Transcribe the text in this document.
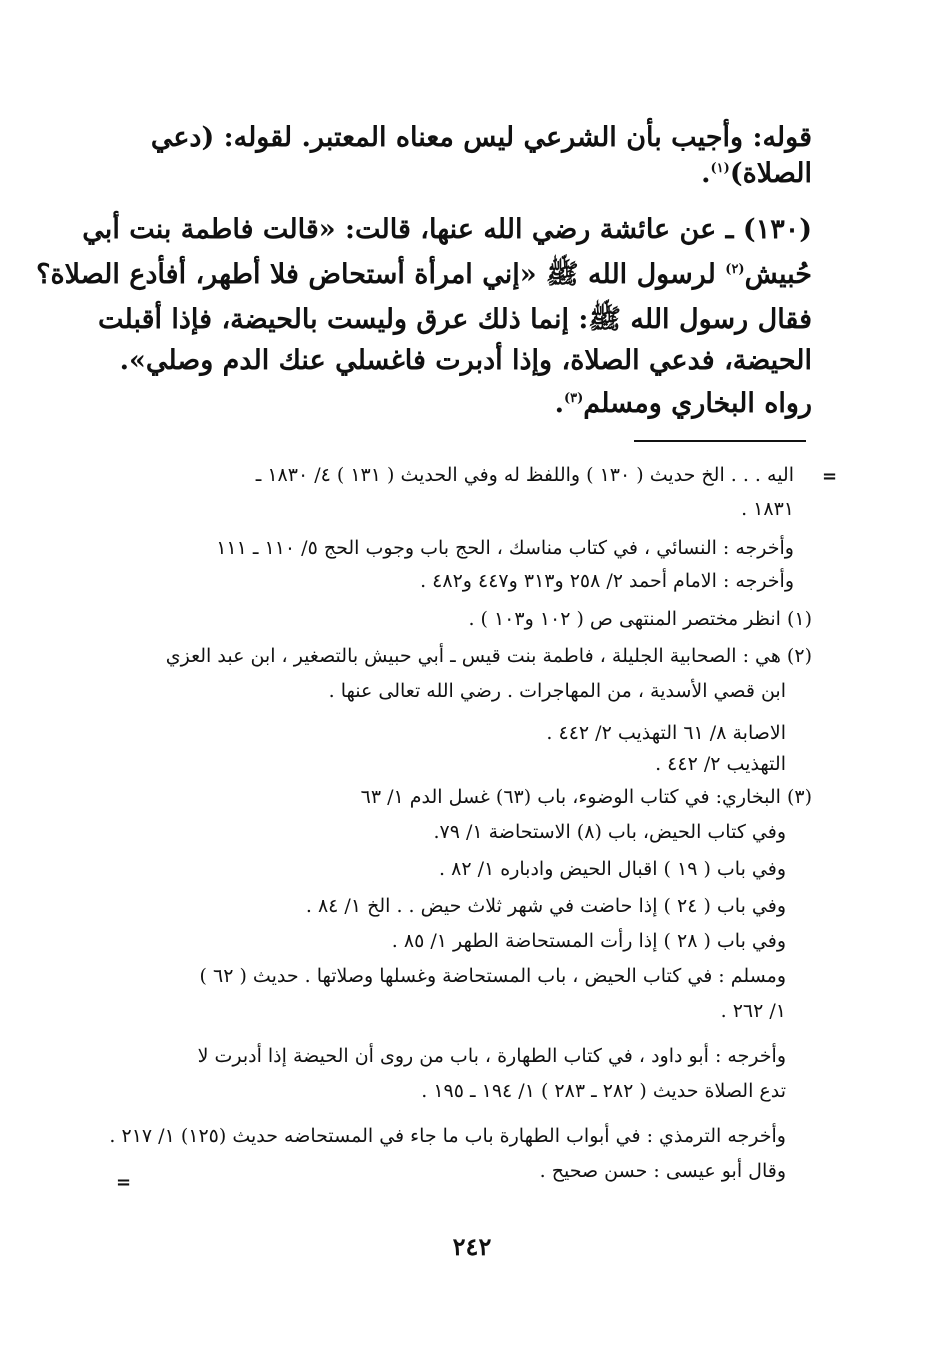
قوله: وأجيب بأن الشرعي ليس معناه المعتبر. لقوله: (دعي
الصلاة)$^{(١)}$.
(١٣٠) ـ عن عائشة رضي الله عنها، قالت: «قالت فاطمة بنت أبي
حُبيش$^{(٢)}$ لرسول الله ﷺ «إني امرأة أستحاض فلا أطهر، أفأدع الصلاة؟
فقال رسول الله ﷺ: إنما ذلك عرق وليست بالحيضة، فإذا أقبلت
الحيضة، فدعي الصلاة، وإذا أدبرت فاغسلي عنك الدم وصلي».
رواه البخاري ومسلم$^{(٣)}$.
=
اليه . . . الخ حديث ( ١٣٠ ) واللفظ له وفي الحديث ( ١٣١ ) ٤/ ١٨٣٠ ـ
١٨٣١ .
وأخرجه : النسائي ، في كتاب مناسك ، الحج باب وجوب الحج ٥/ ١١٠ ـ ١١١
وأخرجه : الامام أحمد ٢/ ٢٥٨ و٣١٣ و٤٤٧ و٤٨٢ .
(١) انظر مختصر المنتهى ص ( ١٠٢ و١٠٣ ) .
(٢) هي : الصحابية الجليلة ، فاطمة بنت قيس ـ أبي حبيش بالتصغير ، ابن عبد العزي
ابن قصي الأسدية ، من المهاجرات . رضي الله تعالى عنها .
الاصابة ٨/ ٦١ التهذيب ٢/ ٤٤٢ .
التهذيب ٢/ ٤٤٢ .
(٣) البخاري: في كتاب الوضوء، باب (٦٣) غسل الدم ١/ ٦٣
وفي كتاب الحيض، باب (٨) الاستحاضة ١/ ٧٩.
وفي باب ( ١٩ ) اقبال الحيض وادباره ١/ ٨٢ .
وفي باب ( ٢٤ ) إذا حاضت في شهر ثلاث حيض . . الخ ١/ ٨٤ .
وفي باب ( ٢٨ ) إذا رأت المستحاضة الطهر ١/ ٨٥ .
ومسلم : في كتاب الحيض ، باب المستحاضة وغسلها وصلاتها . حديث ( ٦٢ )
١/ ٢٦٢ .
وأخرجه : أبو داود ، في كتاب الطهارة ، باب من روى أن الحيضة إذا أدبرت لا
تدع الصلاة حديث ( ٢٨٢ ـ ٢٨٣ ) ١/ ١٩٤ ـ ١٩٥ .
وأخرجه الترمذي : في أبواب الطهارة باب ما جاء في المستحاضه حديث (١٢٥) ١/ ٢١٧ .
وقال أبو عيسى : حسن صحيح .
=
٢٤٢
